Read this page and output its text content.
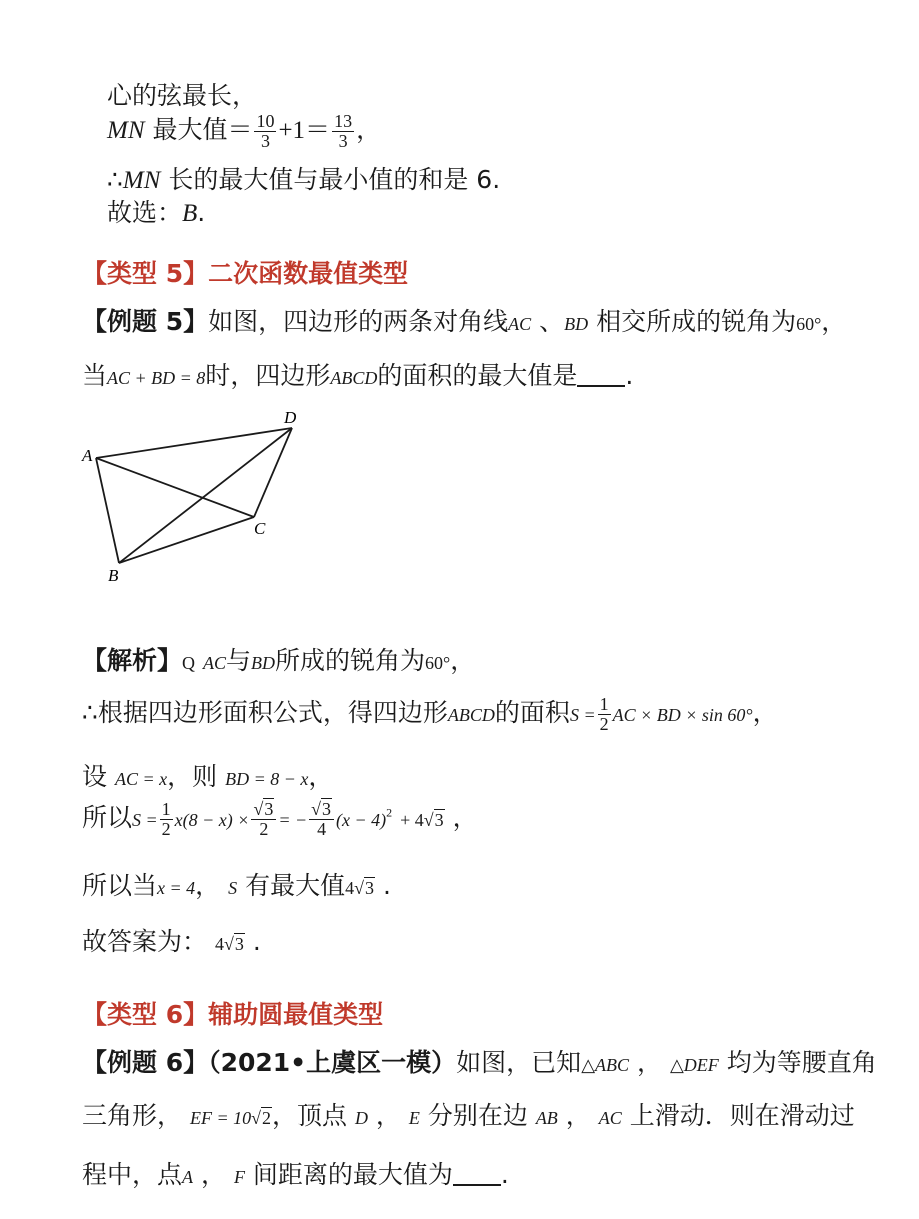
心的弦最长，
MN 最大值＝ $\frac{10}{3} +1= \frac{13}{3}$ ，
∴MN 长的最大值与最小值的和是 6.
故选：B.
【类型 5】二次函数最值类型
【例题 5】如图，四边形的两条对角线AC 、BD 相交所成的锐角为60°，
当AC + BD = 8时，四边形ABCD的面积的最大值是 .
A
B
C
D
【解析】Q AC与BD所成的锐角为60°，
∴根据四边形面积公式，得四边形ABCD的面积$S = \frac{1}{2}$ AC × BD × sin 60°，
设 AC = x，则 BD = 8 − x，
所以$S = \frac{1}{2} x(8 - x) \times \frac{√3}{2}$ = − $\frac{√3}{4} (x - 4)^2 + 4√3$ ，
所以当x = 4， S 有最大值4√3 .
故答案为： 4√3 .
【类型 6】辅助圆最值类型
【例题 6】（2021•上虞区一模）如图，已知△ABC ， △DEF 均为等腰直角
三角形， EF = 10√2，顶点 D ， E 分别在边 AB ， AC 上滑动．则在滑动过
程中，点A ， F 间距离的最大值为 .
